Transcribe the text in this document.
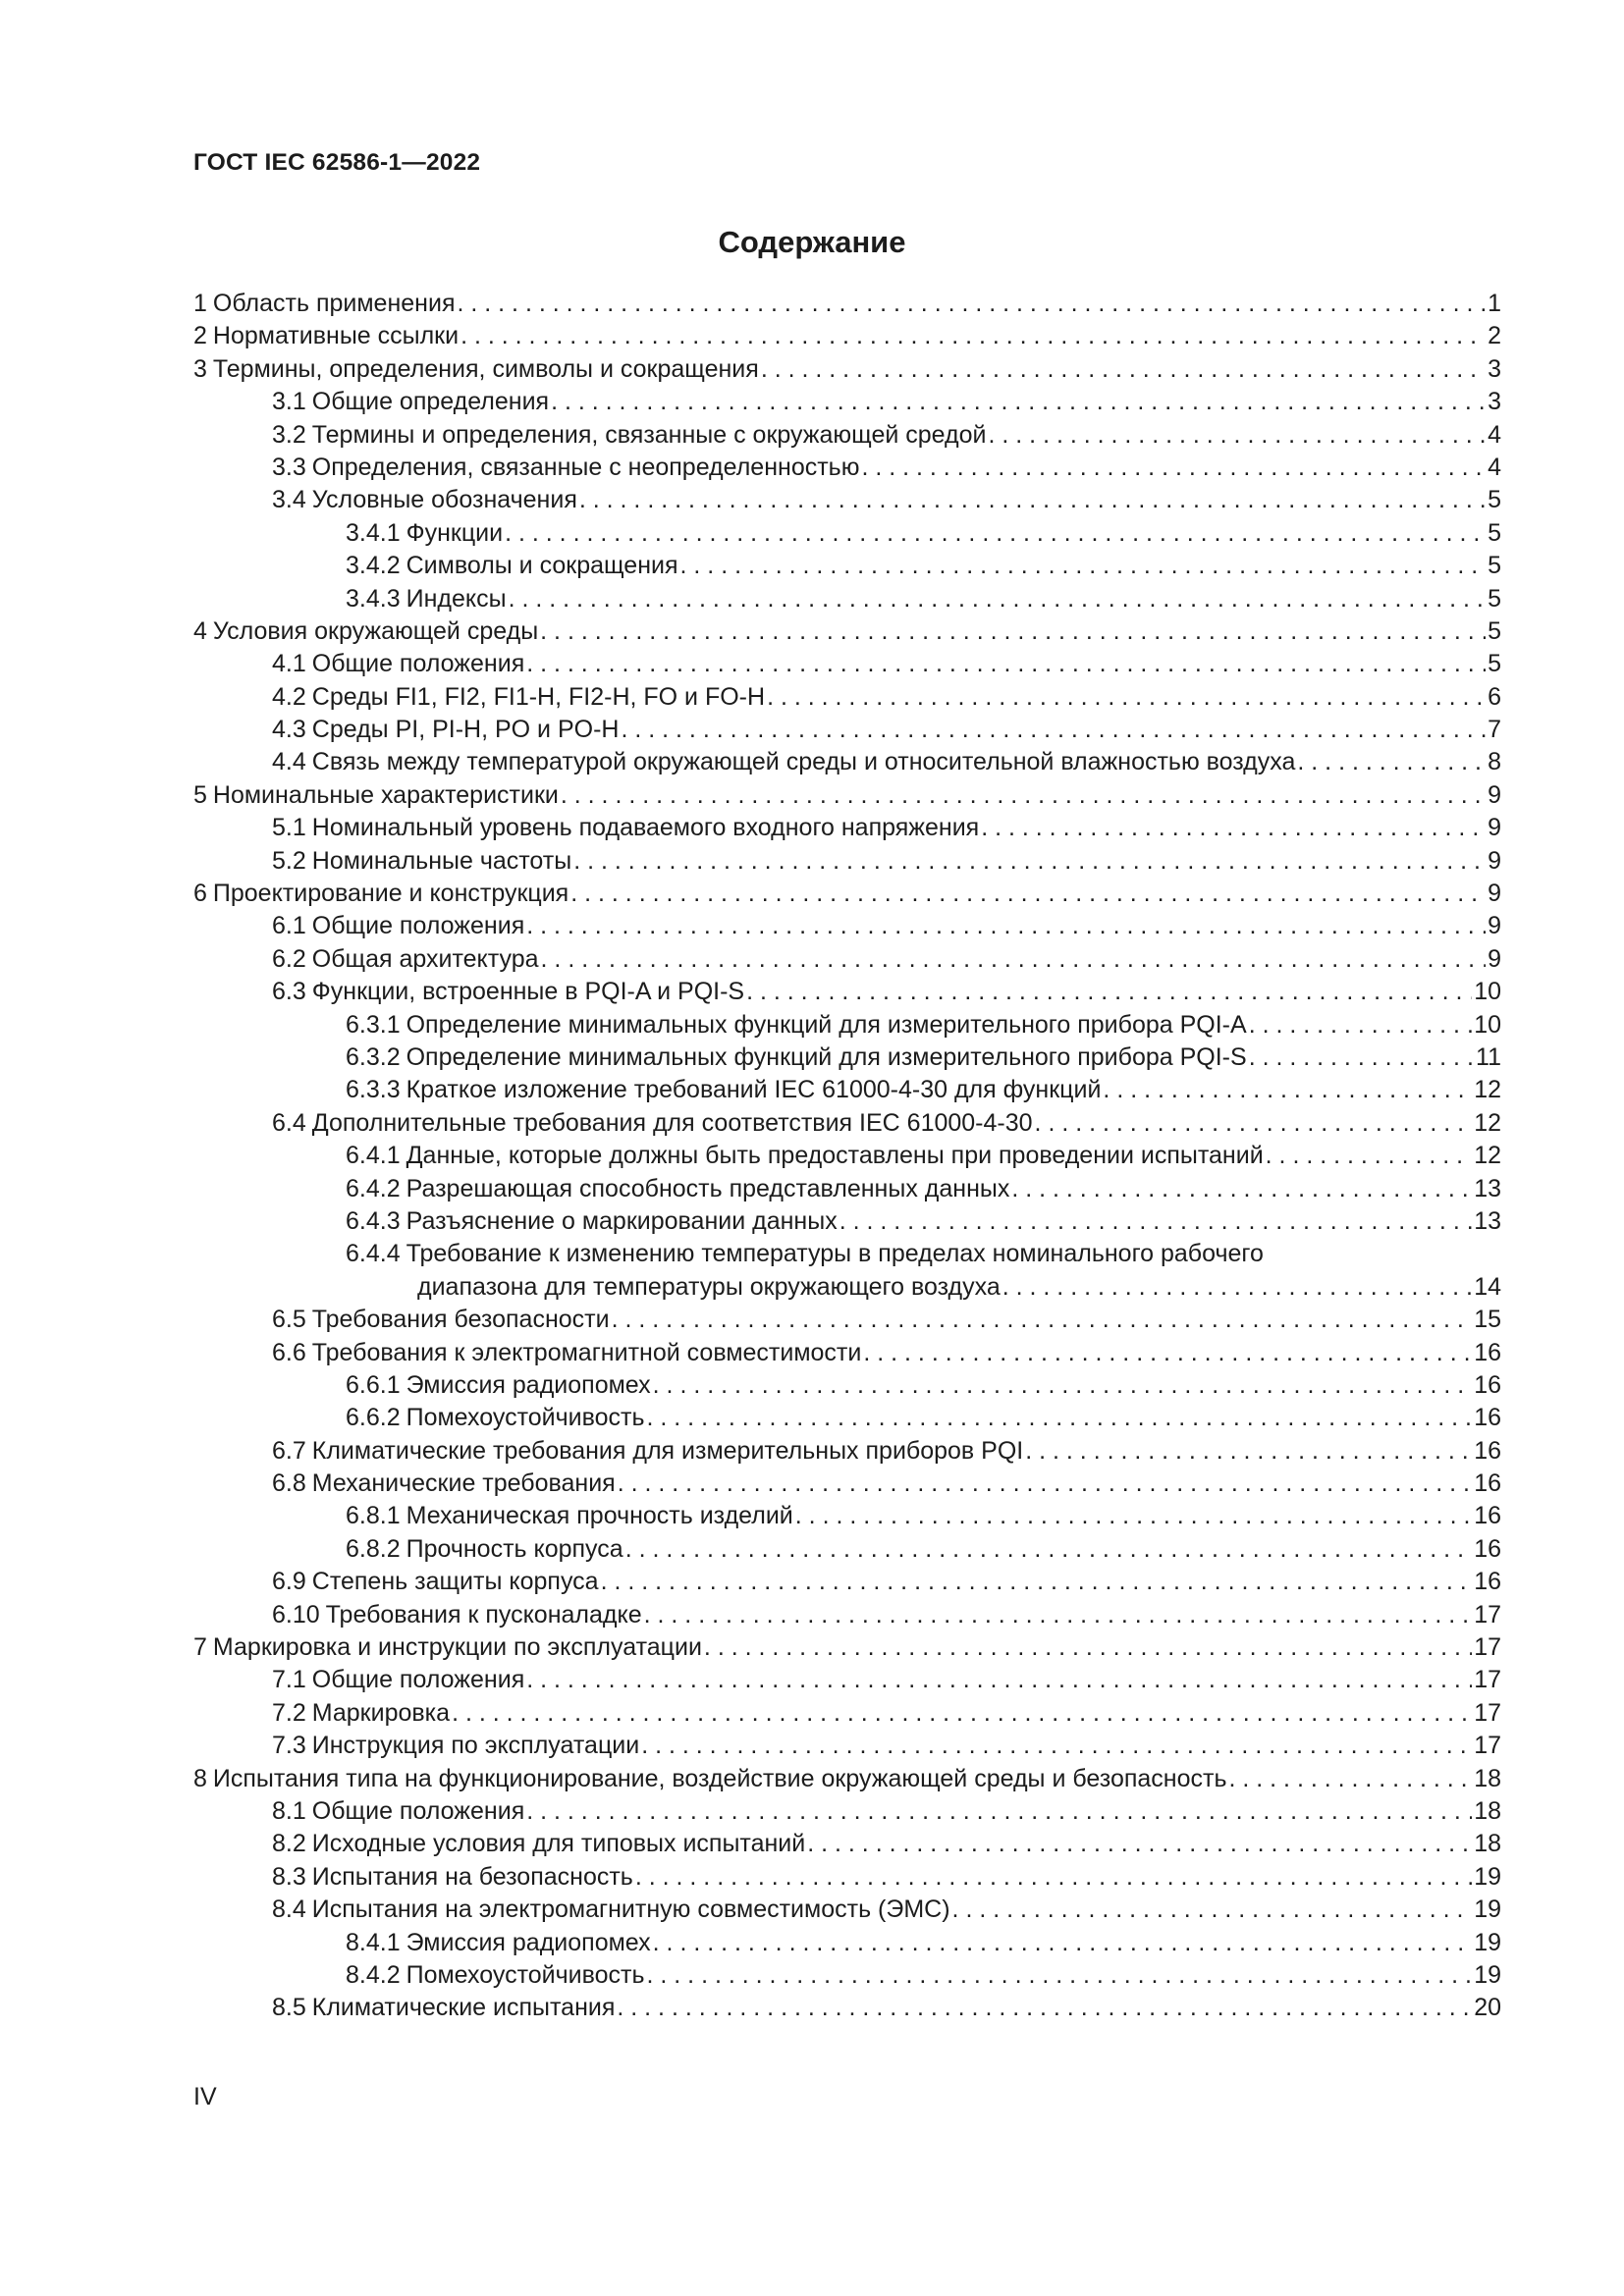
ГОСТ IEC 62586-1—2022
Содержание
1 Область применения . . .	1
2 Нормативные ссылки . . .	2
3 Термины, определения, символы и сокращения . . .	3
3.1 Общие определения . . .	3
3.2 Термины и определения, связанные с окружающей средой . . .	4
3.3 Определения, связанные с неопределенностью . . .	4
3.4 Условные обозначения . . .	5
3.4.1 Функции . . .	5
3.4.2 Символы и сокращения . . .	5
3.4.3 Индексы . . .	5
4 Условия окружающей среды . . .	5
4.1 Общие положения . . .	5
4.2 Среды FI1, FI2, FI1-H, FI2-H, FO и FO-H . . .	6
4.3 Среды PI, PI-H, PO и PO-H . . .	7
4.4 Связь между температурой окружающей среды и относительной влажностью воздуха . . .	8
5 Номинальные характеристики . . .	9
5.1 Номинальный уровень подаваемого входного напряжения . . .	9
5.2 Номинальные частоты . . .	9
6 Проектирование и конструкция . . .	9
6.1 Общие положения . . .	9
6.2 Общая архитектура . . .	9
6.3 Функции, встроенные в PQI-A и PQI-S . . .	10
6.3.1 Определение минимальных функций для измерительного прибора PQI-A . . .	10
6.3.2 Определение минимальных функций для измерительного прибора PQI-S . . .	11
6.3.3 Краткое изложение требований IEC 61000-4-30 для функций . . .	12
6.4 Дополнительные требования для соответствия IEC 61000-4-30 . . .	12
6.4.1 Данные, которые должны быть предоставлены при проведении испытаний . . .	12
6.4.2 Разрешающая способность представленных данных . . .	13
6.4.3 Разъяснение о маркировании данных . . .	13
6.4.4 Требование к изменению температуры в пределах номинального рабочего
диапазона для температуры окружающего воздуха . . .	14
6.5 Требования безопасности . . .	15
6.6 Требования к электромагнитной совместимости . . .	16
6.6.1 Эмиссия радиопомех . . .	16
6.6.2 Помехоустойчивость . . .	16
6.7 Климатические требования для измерительных приборов PQI . . .	16
6.8 Механические требования . . .	16
6.8.1 Механическая прочность изделий . . .	16
6.8.2 Прочность корпуса . . .	16
6.9 Степень защиты корпуса . . .	16
6.10 Требования к пусконаладке . . .	17
7 Маркировка и инструкции по эксплуатации . . .	17
7.1 Общие положения . . .	17
7.2 Маркировка . . .	17
7.3 Инструкция по эксплуатации . . .	17
8 Испытания типа на функционирование, воздействие окружающей среды и безопасность . . .	18
8.1 Общие положения . . .	18
8.2 Исходные условия для типовых испытаний . . .	18
8.3 Испытания на безопасность . . .	19
8.4 Испытания на электромагнитную совместимость (ЭМС) . . .	19
8.4.1 Эмиссия радиопомех . . .	19
8.4.2 Помехоустойчивость . . .	19
8.5 Климатические испытания . . .	20
IV
